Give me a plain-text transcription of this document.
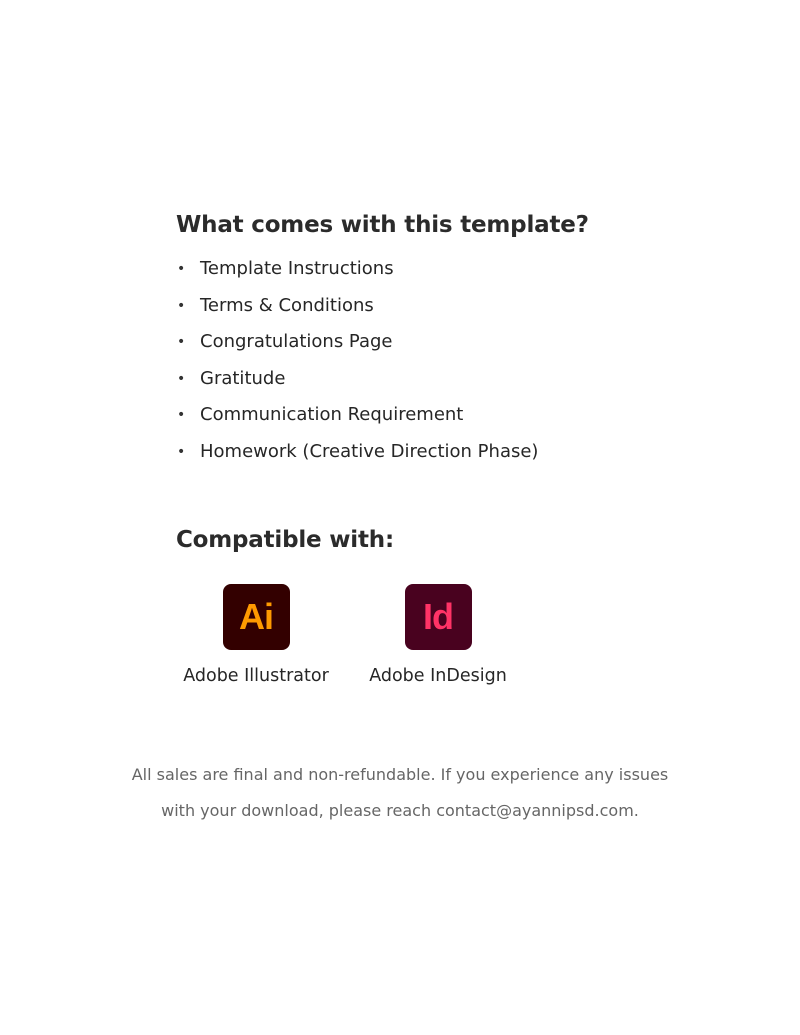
What comes with this template?
• Template Instructions
• Terms & Conditions
• Congratulations Page
• Gratitude
• Communication Requirement
• Homework (Creative Direction Phase)
Compatible with:
Ai
Adobe Illustrator
Id
Adobe InDesign

All sales are final and non-refundable. If you experience any issues

with your download, please reach contact@ayannipsd.com.
